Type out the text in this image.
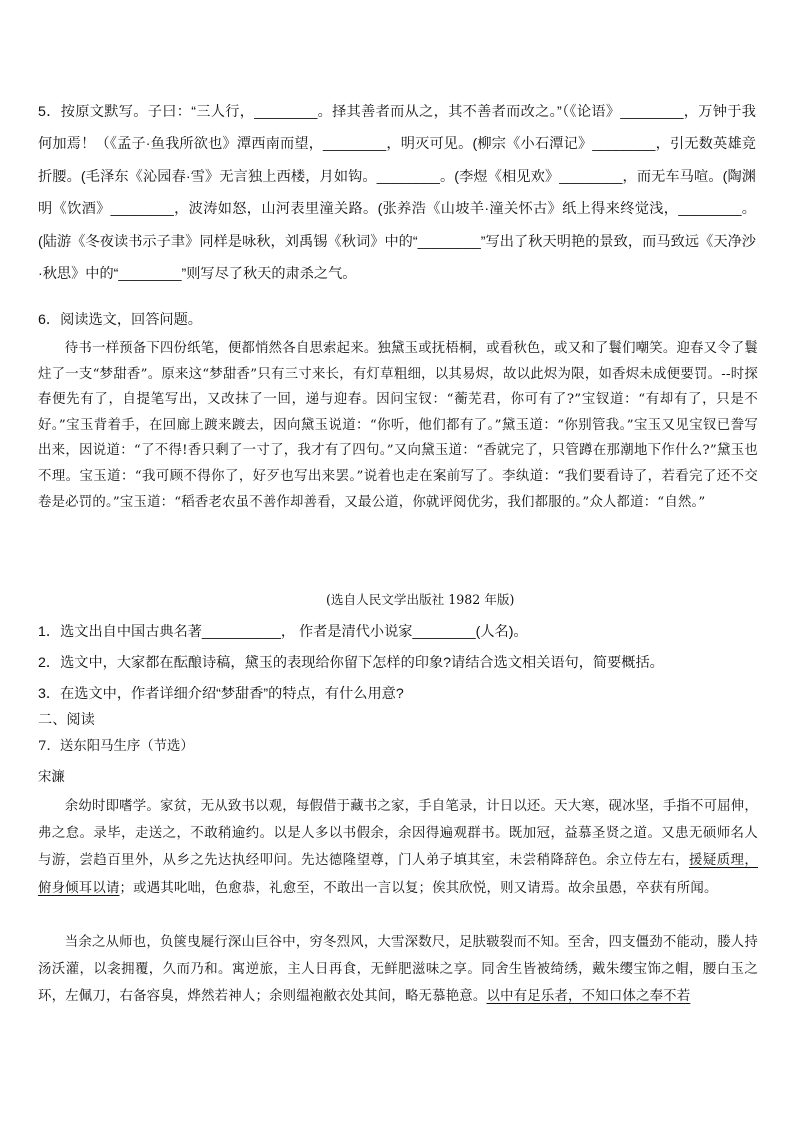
5．按原文默写。子曰：“三人行，________。择其善者而从之，其不善者而改之。”（《论语》________，万钟于我何加焉！（《孟子·鱼我所欲也》潭西南而望，________，明灭可见。(柳宗《小石潭记》________，引无数英雄竞折腰。(毛泽东《沁园春·雪》无言独上西楼，月如钩。________。(李煜《相见欢》________，而无车马喧。(陶渊明《饮酒》________，波涛如怒，山河表里潼关路。(张养浩《山坡羊·潼关怀古》纸上得来终觉浅，________。(陆游《冬夜读书示子聿》同样是咏秋，刘禹锡《秋词》中的“________”写出了秋天明艳的景致，而马致远《天净沙·秋思》中的“________”则写尽了秋天的肃杀之气。
6．阅读选文，回答问题。
待书一样预备下四份纸笔，便都悄然各自思索起来。独黛玉或抚梧桐，或看秋色，或又和了鬟们嘲笑。迎春又令了鬟炷了一支“梦甜香”。原来这“梦甜香”只有三寸来长，有灯草粗细，以其易烬，故以此烬为限，如香烬未成便要罚。--时探春便先有了，自提笔写出，又改抹了一回，递与迎春。因问宝钗：“蘅芜君，你可有了?”宝钗道：“有却有了，只是不好。”宝玉背着手，在回廊上踱来踱去，因向黛玉说道：“你听，他们都有了。”黛玉道：“你别管我。”宝玉又见宝钗已誊写出来，因说道：“了不得!香只剩了一寸了，我才有了四句。”又向黛玉道：“香就完了，只管蹲在那潮地下作什么?”黛玉也不理。宝玉道：“我可顾不得你了，好歹也写出来罢。”说着也走在案前写了。李纨道：“我们要看诗了，若看完了还不交卷是必罚的。”宝玉道：“稻香老农虽不善作却善看，又最公道，你就评阅优劣，我们都服的。”众人都道：“自然。”
(选自人民文学出版社 1982 年版)
1．选文出自中国古典名著__________， 作者是清代小说家________(人名)。
2．选文中，大家都在酝酿诗稿，黛玉的表现给你留下怎样的印象?请结合选文相关语句，简要概括。
3．在选文中，作者详细介绍“梦甜香”的特点，有什么用意?
二、阅读
7．送东阳马生序（节选）
宋濂
余幼时即嗜学。家贫，无从致书以观，每假借于藏书之家，手自笔录，计日以还。天大寒，砚冰坚，手指不可屈伸，弗之怠。录毕，走送之，不敢稍逾约。以是人多以书假余，余因得遍观群书。既加冠，益慕圣贤之道。又患无硕师名人与游，尝趋百里外，从乡之先达执经叩问。先达德隆望尊，门人弟子填其室，未尝稍降辞色。余立侍左右，援疑质理，俯身倾耳以请；或遇其叱咄，色愈恭，礼愈至，不敢出一言以复；俟其欣悦，则又请焉。故余虽愚，卒获有所闻。
当余之从师也，负箧曳屣行深山巨谷中，穷冬烈风，大雪深数尺，足肤皲裂而不知。至舍，四支僵劲不能动，媵人持汤沃灌，以衾拥覆，久而乃和。寓逆旅，主人日再食，无鲜肥滋味之享。同舍生皆被绮绣，戴朱缨宝饰之帽，腰白玉之环，左佩刀，右备容臭，烨然若神人；余则缊袍敝衣处其间，略无慕艳意。以中有足乐者，不知口体之奉不若
